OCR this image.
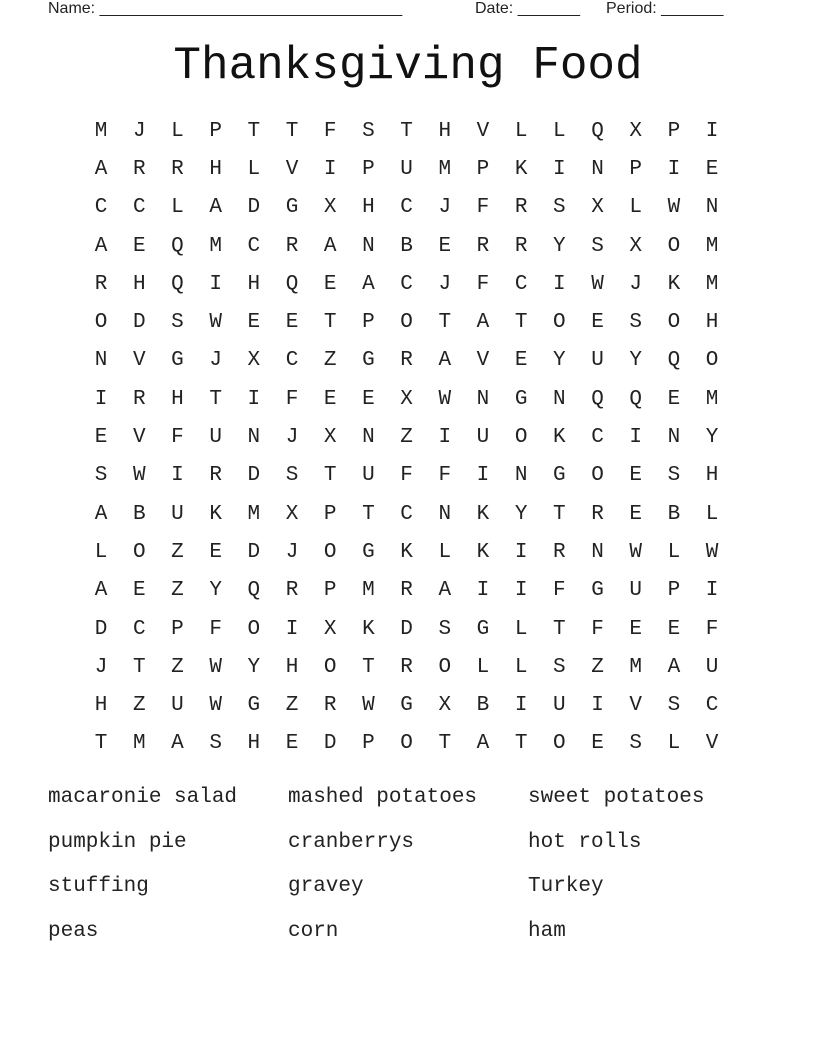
Name: __________________________________	Date: _______ Period: _______
Thanksgiving Food
M	J	L	P	T	T	F	S	T	H	V	L	L	Q	X	P	I
A	R	R	H	L	V	I	P	U	M	P	K	I	N	P	I	E
C	C	L	A	D	G	X	H	C	J	F	R	S	X	L	W	N
A	E	Q	M	C	R	A	N	B	E	R	R	Y	S	X	O	M
R	H	Q	I	H	Q	E	A	C	J	F	C	I	W	J	K	M
O	D	S	W	E	E	T	P	O	T	A	T	O	E	S	O	H
N	V	G	J	X	C	Z	G	R	A	V	E	Y	U	Y	Q	O
I	R	H	T	I	F	E	E	X	W	N	G	N	Q	Q	E	M
E	V	F	U	N	J	X	N	Z	I	U	O	K	C	I	N	Y
S	W	I	R	D	S	T	U	F	F	I	N	G	O	E	S	H
A	B	U	K	M	X	P	T	C	N	K	Y	T	R	E	B	L
L	O	Z	E	D	J	O	G	K	L	K	I	R	N	W	L	W
A	E	Z	Y	Q	R	P	M	R	A	I	I	F	G	U	P	I
D	C	P	F	O	I	X	K	D	S	G	L	T	F	E	E	F
J	T	Z	W	Y	H	O	T	R	O	L	L	S	Z	M	A	U
H	Z	U	W	G	Z	R	W	G	X	B	I	U	I	V	S	C
T	M	A	S	H	E	D	P	O	T	A	T	O	E	S	L	V
macaronie salad	mashed potatoes	sweet potatoes
pumpkin pie	cranberrys	hot rolls
stuffing	gravey	Turkey
peas	corn	ham
